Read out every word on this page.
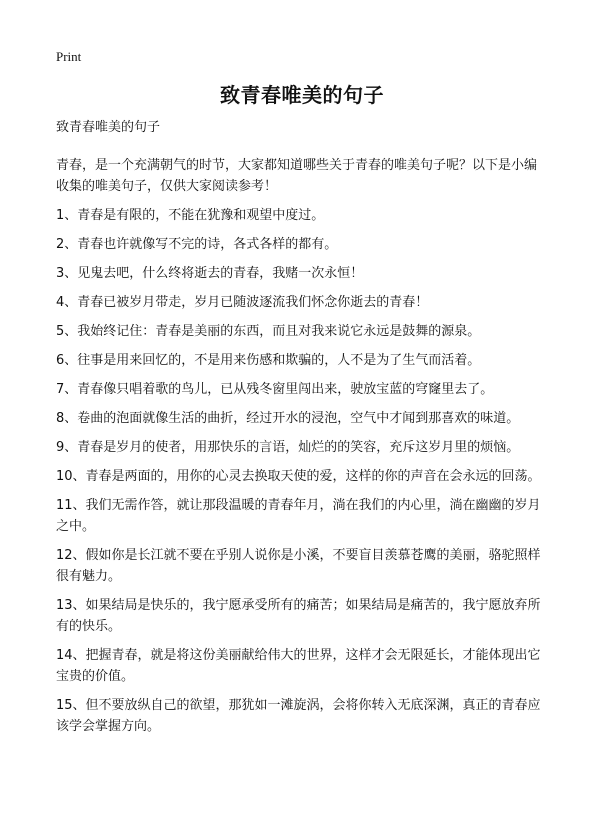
Print
致青春唯美的句子
致青春唯美的句子
青春，是一个充满朝气的时节，大家都知道哪些关于青春的唯美句子呢？以下是小编收集的唯美句子，仅供大家阅读参考！
1、青春是有限的，不能在犹豫和观望中度过。
2、青春也许就像写不完的诗，各式各样的都有。
3、见鬼去吧，什么终将逝去的青春，我赌一次永恒！
4、青春已被岁月带走，岁月已随波逐流我们怀念你逝去的青春！
5、我始终记住：青春是美丽的东西，而且对我来说它永远是鼓舞的源泉。
6、往事是用来回忆的，不是用来伤感和欺骗的，人不是为了生气而活着。
7、青春像只唱着歌的鸟儿，已从残冬窗里闯出来，驶放宝蓝的穹窿里去了。
8、卷曲的泡面就像生活的曲折，经过开水的浸泡，空气中才闻到那喜欢的味道。
9、青春是岁月的使者，用那快乐的言语，灿烂的的笑容，充斥这岁月里的烦恼。
10、青春是两面的，用你的心灵去换取天使的爱，这样的你的声音在会永远的回荡。
11、我们无需作答，就让那段温暖的青春年月，淌在我们的内心里，淌在幽幽的岁月之中。
12、假如你是长江就不要在乎别人说你是小溪，不要盲目羡慕苍鹰的美丽，骆驼照样很有魅力。
13、如果结局是快乐的，我宁愿承受所有的痛苦；如果结局是痛苦的，我宁愿放弃所有的快乐。
14、把握青春，就是将这份美丽献给伟大的世界，这样才会无限延长，才能体现出它宝贵的价值。
15、但不要放纵自己的欲望，那犹如一滩旋涡，会将你转入无底深渊，真正的青春应该学会掌握方向。
